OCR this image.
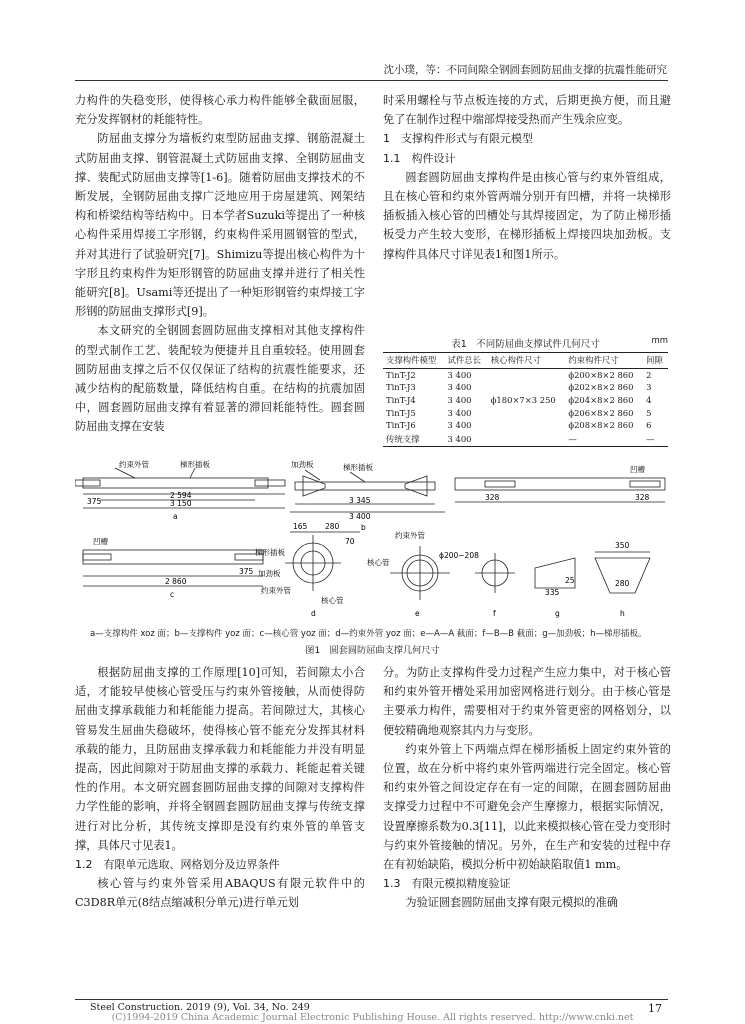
沈小璞，等：不同间隙全钢圆套圆防屈曲支撑的抗震性能研究

力构件的失稳变形，使得核心承力构件能够全截面屈服，充分发挥钢材的耗能特性。

防屈曲支撑分为墙板约束型防屈曲支撑、钢筋混凝土式防屈曲支撑、钢管混凝土式防屈曲支撑、全钢防屈曲支撑、装配式防屈曲支撑等[1-6]。随着防屈曲支撑技术的不断发展，全钢防屈曲支撑广泛地应用于房屋建筑、网架结构和桥梁结构等结构中。日本学者Suzuki等提出了一种核心构件采用焊接工字形钢，约束构件采用圆钢管的型式，并对其进行了试验研究[7]。Shimizu等提出核心构件为十字形且约束构件为矩形钢管的防屈曲支撑并进行了相关性能研究[8]。Usami等还提出了一种矩形钢管约束焊接工字形钢的防屈曲支撑形式[9]。

本文研究的全钢圆套圆防屈曲支撑相对其他支撑构件的型式制作工艺、装配较为便捷并且自重较轻。使用圆套圆防屈曲支撑之后不仅仅保证了结构的抗震性能要求，还减少结构的配筋数量，降低结构自重。在结构的抗震加固中，圆套圆防屈曲支撑有着显著的滞回耗能特性。圆套圆防屈曲支撑在安装

时采用螺栓与节点板连接的方式，后期更换方便，而且避免了在制作过程中端部焊接受热而产生残余应变。

1　支撑构件形式与有限元模型

1.1　构件设计

圆套圆防屈曲支撑构件是由核心管与约束外管组成，且在核心管和约束外管两端分别开有凹槽，并将一块梯形插板插入核心管的凹槽处与其焊接固定，为了防止梯形插板受力产生较大变形，在梯形插板上焊接四块加劲板。支撑构件具体尺寸详见表1和图1所示。

表1　不同防屈曲支撑试件几何尺寸	mm
支撑构件模型	试件总长	核心构件尺寸	约束构件尺寸	间隙
TinT-J2	3 400	ϕ180×7×3 250	ϕ200×8×2 860	2
TinT-J3	3 400		ϕ202×8×2 860	3
TinT-J4	3 400		ϕ204×8×2 860	4
TinT-J5	3 400		ϕ206×8×2 860	5
TinT-J6	3 400		ϕ208×8×2 860	6
传统支撑	3 400		—	—
约束外管	梯形插板
375
2 594
3 150
a
加劲板	梯形插板
3 345
3 400
b
凹槽
328	328
凹槽
2 860
375
c
165 280
70
梯形插板
加劲板
核心管
约束外管
d
约束外管
核心管
ϕ200~208
e	f
335
25
g
350
280
h
a—支撑构件 xoz 面；b—支撑构件 yoz 面；c—核心管 yoz 面；d—约束外管 yoz 面；e—A—A 截面；f—B—B 截面；g—加劲板；h—梯形插板。
图1　圆套圆防屈曲支撑几何尺寸

根据防屈曲支撑的工作原理[10]可知，若间隙太小合适，才能较早使核心管受压与约束外管接触，从而使得防屈曲支撑承载能力和耗能能力提高。若间隙过大，其核心管易发生屈曲失稳破坏，使得核心管不能充分发挥其材料承载的能力，且防屈曲支撑承载力和耗能能力并没有明显提高，因此间隙对于防屈曲支撑的承载力、耗能起着关键性的作用。本文研究圆套圆防屈曲支撑的间隙对支撑构件力学性能的影响，并将全钢圆套圆防屈曲支撑与传统支撑进行对比分析，其传统支撑即是没有约束外管的单管支撑，具体尺寸见表1。

1.2　有限单元选取、网格划分及边界条件

核心管与约束外管采用ABAQUS有限元软件中的C3D8R单元(8结点缩减积分单元)进行单元划

分。为防止支撑构件受力过程产生应力集中，对于核心管和约束外管开槽处采用加密网格进行划分。由于核心管是主要承力构件，需要相对于约束外管更密的网格划分，以便较精确地观察其内力与变形。

约束外管上下两端点焊在梯形插板上固定约束外管的位置，故在分析中将约束外管两端进行完全固定。核心管和约束外管之间设定存在有一定的间隙，在圆套圆防屈曲支撑受力过程中不可避免会产生摩擦力，根据实际情况，设置摩擦系数为0.3[11]，以此来模拟核心管在受力变形时与约束外管接触的情况。另外，在生产和安装的过程中存在有初始缺陷，模拟分析中初始缺陷取值1 mm。

1.3　有限元模拟精度验证

为验证圆套圆防屈曲支撑有限元模拟的准确

Steel Construction. 2019 (9), Vol. 34, No. 249	17
(C)1994-2019 China Academic Journal Electronic Publishing House. All rights reserved. http://www.cnki.net
